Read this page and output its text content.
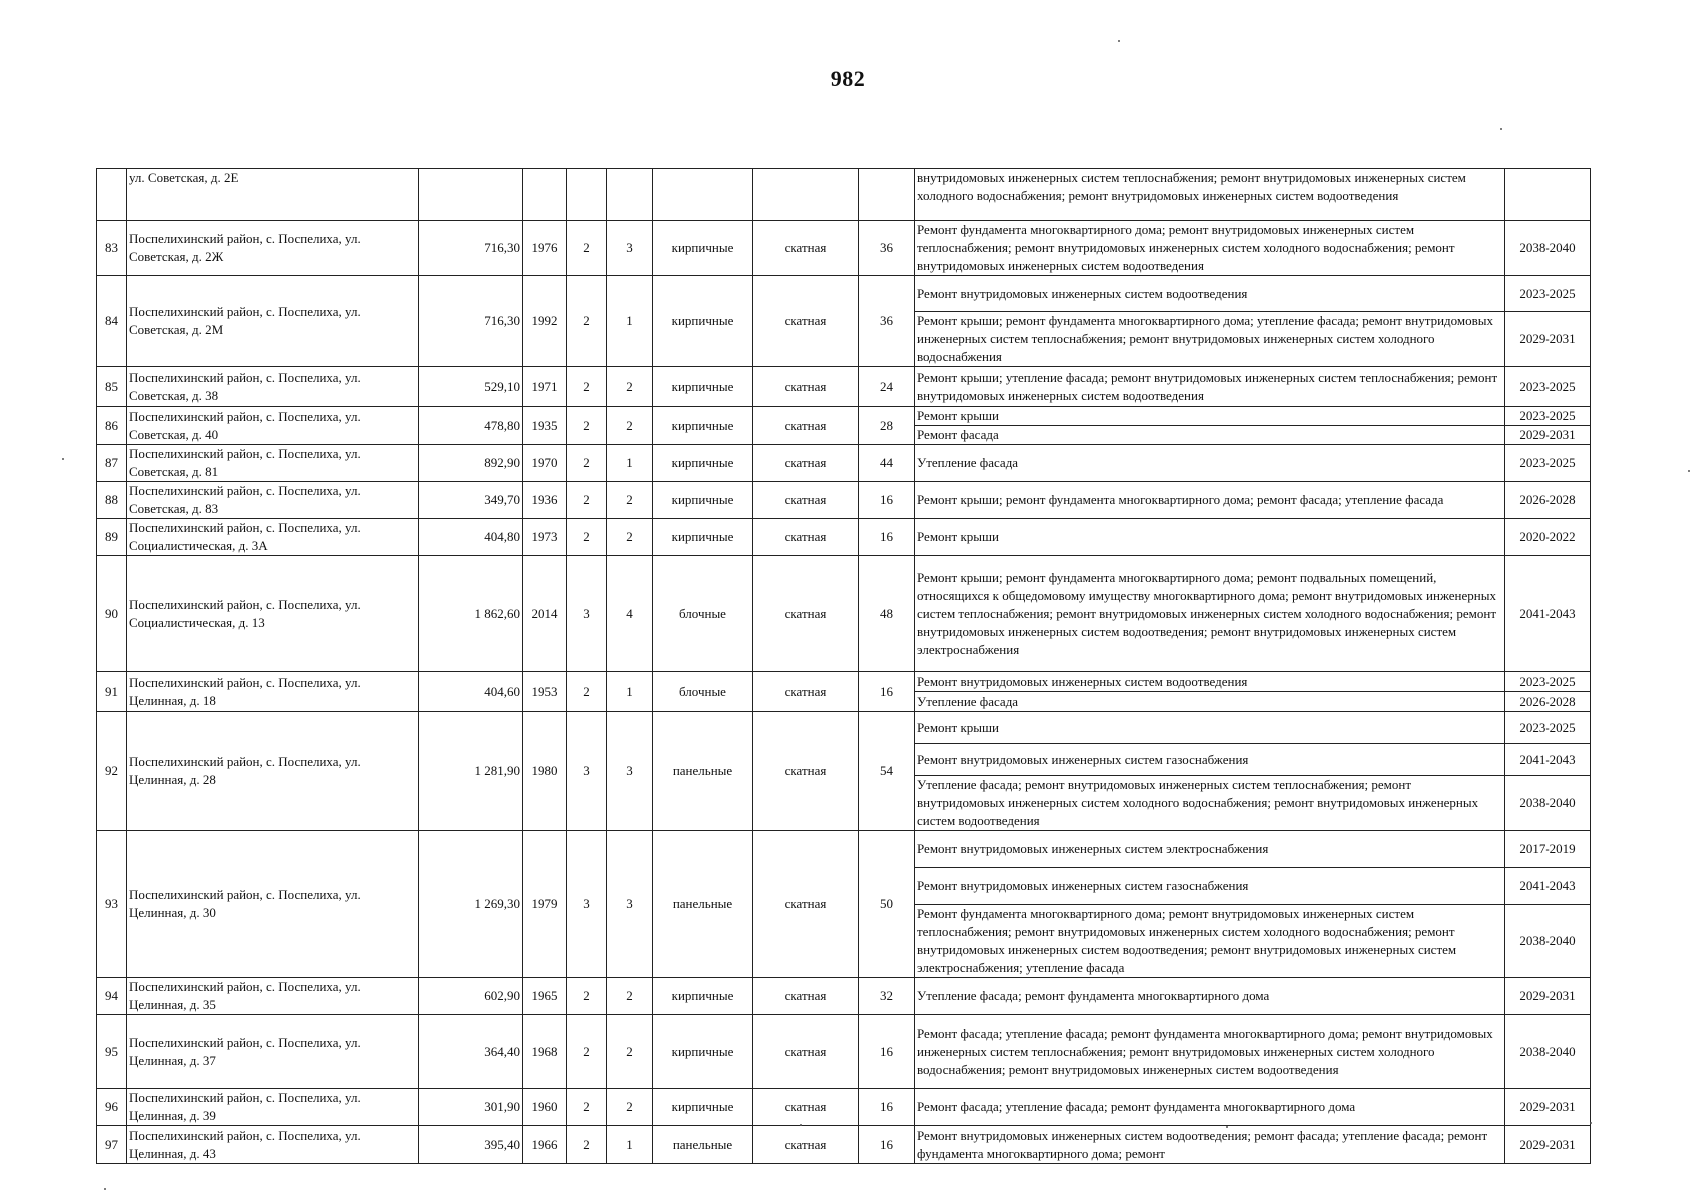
982
	ул. Советская, д. 2Е								внутридомовых инженерных систем теплоснабжения; ремонт внутридомовых инженерных систем холодного водоснабжения; ремонт внутридомовых инженерных систем водоотведения	
83	Поспелихинский район, с. Поспелиха, ул. Советская, д. 2Ж	716,30	1976	2	3	кирпичные	скатная	36	Ремонт фундамента многоквартирного дома; ремонт внутридомовых инженерных систем теплоснабжения; ремонт внутридомовых инженерных систем холодного водоснабжения; ремонт внутридомовых инженерных систем водоотведения	2038-2040
84	Поспелихинский район, с. Поспелиха, ул. Советская, д. 2М	716,30	1992	2	1	кирпичные	скатная	36	Ремонт внутридомовых инженерных систем водоотведения	2023-2025
									Ремонт крыши; ремонт фундамента многоквартирного дома; утепление фасада; ремонт внутридомовых инженерных систем теплоснабжения; ремонт внутридомовых инженерных систем холодного водоснабжения	2029-2031
85	Поспелихинский район, с. Поспелиха, ул. Советская, д. 38	529,10	1971	2	2	кирпичные	скатная	24	Ремонт крыши; утепление фасада; ремонт внутридомовых инженерных систем теплоснабжения; ремонт внутридомовых инженерных систем водоотведения	2023-2025
86	Поспелихинский район, с. Поспелиха, ул. Советская, д. 40	478,80	1935	2	2	кирпичные	скатная	28	Ремонт крыши	2023-2025
									Ремонт фасада	2029-2031
87	Поспелихинский район, с. Поспелиха, ул. Советская, д. 81	892,90	1970	2	1	кирпичные	скатная	44	Утепление фасада	2023-2025
88	Поспелихинский район, с. Поспелиха, ул. Советская, д. 83	349,70	1936	2	2	кирпичные	скатная	16	Ремонт крыши; ремонт фундамента многоквартирного дома; ремонт фасада; утепление фасада	2026-2028
89	Поспелихинский район, с. Поспелиха, ул. Социалистическая, д. 3А	404,80	1973	2	2	кирпичные	скатная	16	Ремонт крыши	2020-2022
90	Поспелихинский район, с. Поспелиха, ул. Социалистическая, д. 13	1 862,60	2014	3	4	блочные	скатная	48	Ремонт крыши; ремонт фундамента многоквартирного дома; ремонт подвальных помещений, относящихся к общедомовому имуществу многоквартирного дома; ремонт внутридомовых инженерных систем теплоснабжения; ремонт внутридомовых инженерных систем холодного водоснабжения; ремонт внутридомовых инженерных систем водоотведения; ремонт внутридомовых инженерных систем электроснабжения	2041-2043
91	Поспелихинский район, с. Поспелиха, ул. Целинная, д. 18	404,60	1953	2	1	блочные	скатная	16	Ремонт внутридомовых инженерных систем водоотведения	2023-2025
									Утепление фасада	2026-2028
92	Поспелихинский район, с. Поспелиха, ул. Целинная, д. 28	1 281,90	1980	3	3	панельные	скатная	54	Ремонт крыши	2023-2025
									Ремонт внутридомовых инженерных систем газоснабжения	2041-2043
									Утепление фасада; ремонт внутридомовых инженерных систем теплоснабжения; ремонт внутридомовых инженерных систем холодного водоснабжения; ремонт внутридомовых инженерных систем водоотведения	2038-2040
93	Поспелихинский район, с. Поспелиха, ул. Целинная, д. 30	1 269,30	1979	3	3	панельные	скатная	50	Ремонт внутридомовых инженерных систем электроснабжения	2017-2019
									Ремонт внутридомовых инженерных систем газоснабжения	2041-2043
									Ремонт фундамента многоквартирного дома; ремонт внутридомовых инженерных систем теплоснабжения; ремонт внутридомовых инженерных систем холодного водоснабжения; ремонт внутридомовых инженерных систем водоотведения; ремонт внутридомовых инженерных систем электроснабжения; утепление фасада	2038-2040
94	Поспелихинский район, с. Поспелиха, ул. Целинная, д. 35	602,90	1965	2	2	кирпичные	скатная	32	Утепление фасада; ремонт фундамента многоквартирного дома	2029-2031
95	Поспелихинский район, с. Поспелиха, ул. Целинная, д. 37	364,40	1968	2	2	кирпичные	скатная	16	Ремонт фасада; утепление фасада; ремонт фундамента многоквартирного дома; ремонт внутридомовых инженерных систем теплоснабжения; ремонт внутридомовых инженерных систем холодного водоснабжения; ремонт внутридомовых инженерных систем водоотведения	2038-2040
96	Поспелихинский район, с. Поспелиха, ул. Целинная, д. 39	301,90	1960	2	2	кирпичные	скатная	16	Ремонт фасада; утепление фасада; ремонт фундамента многоквартирного дома	2029-2031
97	Поспелихинский район, с. Поспелиха, ул. Целинная, д. 43	395,40	1966	2	1	панельные	скатная	16	Ремонт внутридомовых инженерных систем водоотведения; ремонт фасада; утепление фасада; ремонт фундамента многоквартирного дома; ремонт	2029-2031
